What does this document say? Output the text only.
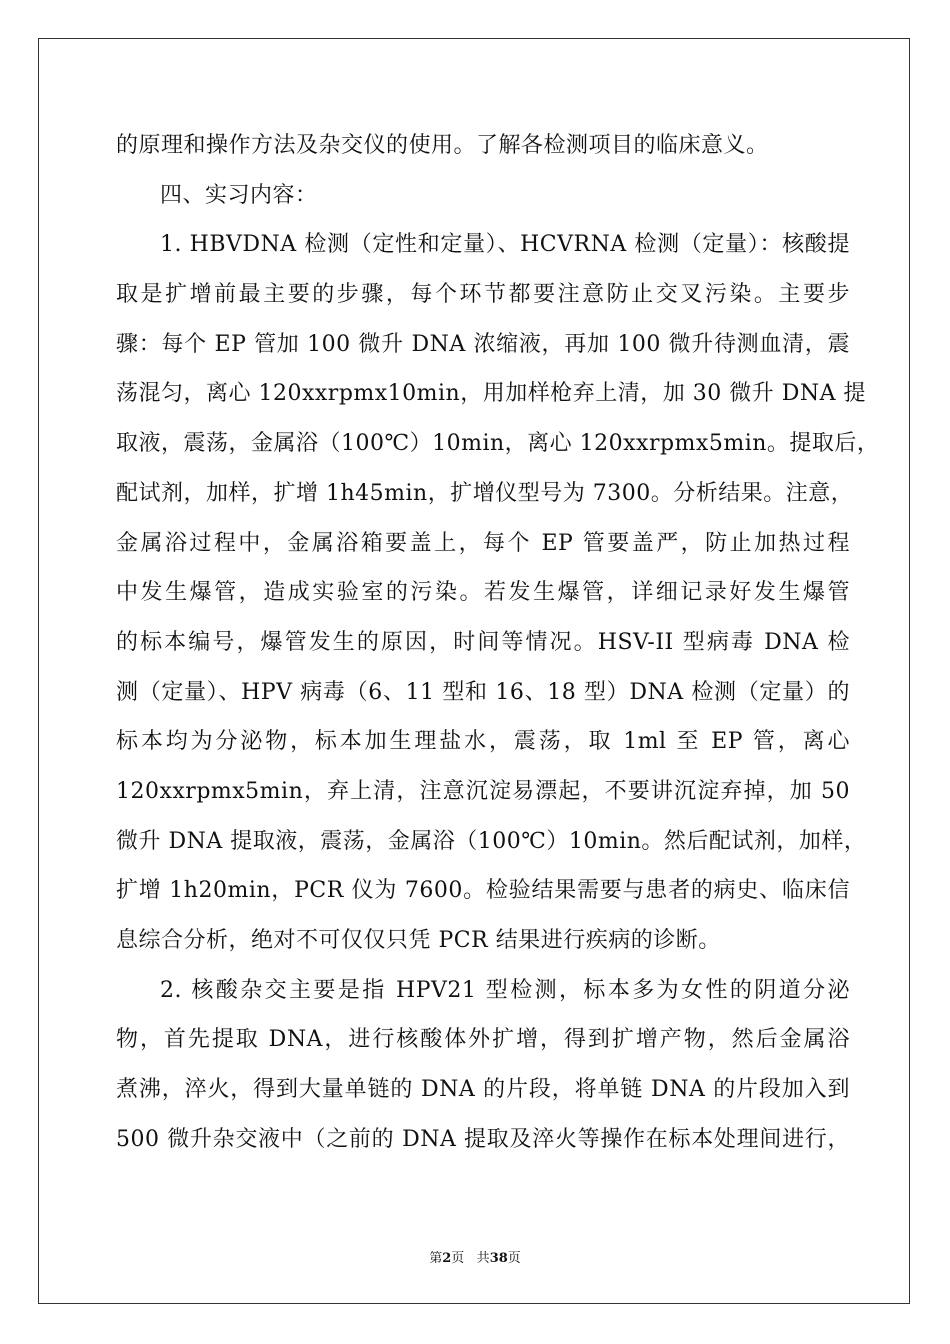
的原理和操作方法及杂交仪的使用。了解各检测项目的临床意义。
四、实习内容：
1. HBVDNA 检测（定性和定量）、HCVRNA 检测（定量）：核酸提
取是扩增前最主要的步骤，每个环节都要注意防止交叉污染。主要步
骤：每个 EP 管加 100 微升 DNA 浓缩液，再加 100 微升待测血清，震
荡混匀，离心 120xxrpmx10min，用加样枪弃上清，加 30 微升 DNA 提
取液，震荡，金属浴（100℃）10min，离心 120xxrpmx5min。提取后，
配试剂，加样，扩增 1h45min，扩增仪型号为 7300。分析结果。注意，
金属浴过程中，金属浴箱要盖上，每个 EP 管要盖严，防止加热过程
中发生爆管，造成实验室的污染。若发生爆管，详细记录好发生爆管
的标本编号，爆管发生的原因，时间等情况。HSV-II 型病毒 DNA 检
测（定量）、HPV 病毒（6、11 型和 16、18 型）DNA 检测（定量）的
标本均为分泌物，标本加生理盐水，震荡，取 1ml 至 EP 管，离心
120xxrpmx5min，弃上清，注意沉淀易漂起，不要讲沉淀弃掉，加 50
微升 DNA 提取液，震荡，金属浴（100℃）10min。然后配试剂，加样，
扩增 1h20min，PCR 仪为 7600。检验结果需要与患者的病史、临床信
息综合分析，绝对不可仅仅只凭 PCR 结果进行疾病的诊断。
2. 核酸杂交主要是指 HPV21 型检测，标本多为女性的阴道分泌
物，首先提取 DNA，进行核酸体外扩增，得到扩增产物，然后金属浴
煮沸，淬火，得到大量单链的 DNA 的片段，将单链 DNA 的片段加入到
500 微升杂交液中（之前的 DNA 提取及淬火等操作在标本处理间进行，
第2页 共38页
